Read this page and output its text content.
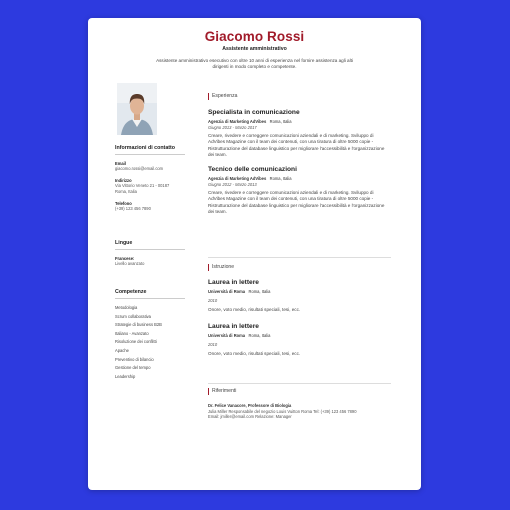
Giacomo Rossi
Assistente amministrativo
Assistente amministrativo esecutivo con oltre 10 anni di esperienza nel fornire assistenza agli alti dirigenti in modo completo e competente.
Informazioni di contatto
Email
giacomo.rossi@email.com
Indirizzo
Via Vittorio Veneto 21 - 00187
Roma, Italia
Telefono
(+39) 123 456 7890
Lingue
Francese:
Livello avanzato
Competenze
Metodologia
Scrum collaborativa
Strategie di business B2B
Italiano - Avanzato
Risoluzione dei conflitti
Apache
Preventivo di bilancio
Gestione del tempo
Leadership
Esperienza
Specialista in comunicazione
Agenzia di Marketing AdVibes Roma, Italia
Giugno 2013 - Marzo 2017
Creare, rivedere e correggere comunicazioni aziendali e di marketing. Sviluppo di AdVibes Magazine con il team dei contenuti, con una tiratura di oltre 5000 copie -Ristrutturazione del database linguistico per migliorare l'accessibilità e l'organizzazione dei team.
Tecnico delle comunicazioni
Agenzia di Marketing AdVibes Roma, Italia
Giugno 2012 - Marzo 2013
Creare, rivedere e correggere comunicazioni aziendali e di marketing. Sviluppo di AdVibes Magazine con il team dei contenuti, con una tiratura di oltre 5000 copie -Ristrutturazione del database linguistico per migliorare l'accessibilità e l'organizzazione dei team.
Istruzione
Laurea in lettere
Università di Roma Roma, Italia
2010
Onore, voto medio, risultati speciali, tesi, ecc.
Laurea in lettere
Università di Roma Roma, Italia
2010
Onore, voto medio, risultati speciali, tesi, ecc.
Riferimenti
Dr. Felice Vanacore, Professore di Biologia
Julia Miller Responsabile del negozio Louis Vuitton Roma Tel: (+39) 123 456 7890
Email: jmiller@email.com Relazione: Manager
